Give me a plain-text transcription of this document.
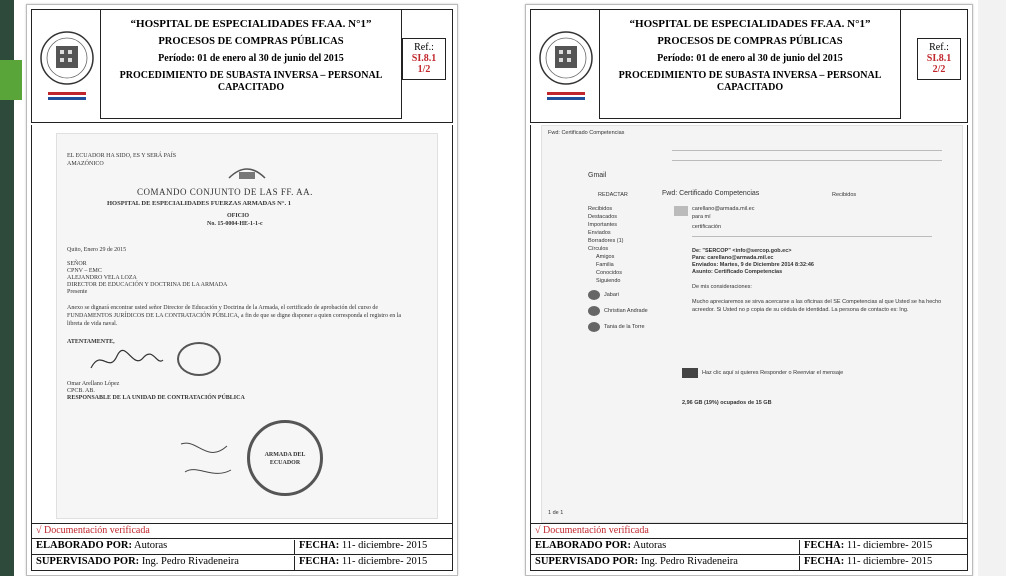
“HOSPITAL DE ESPECIALIDADES FF.AA. N°1”
PROCESOS DE COMPRAS PÚBLICAS
Período: 01 de enero al 30 de junio del 2015
PROCEDIMIENTO DE SUBASTA INVERSA – PERSONAL CAPACITADO
Ref.:
SI.8.1
1/2
EL ECUADOR HA SIDO, ES Y SERÁ PAÍS AMAZÓNICO
COMANDO CONJUNTO DE LAS FF. AA.
HOSPITAL DE ESPECIALIDADES FUERZAS ARMADAS N°. 1
OFICIO
No. 15-0004-HE-1-1-c
Quito, Enero 29 de 2015
SEÑOR
CPNV – EMC
ALEJANDRO VELA LOZA
DIRECTOR DE EDUCACIÓN Y DOCTRINA DE LA ARMADA
Presente
Anexo se dignará encontrar usted señor Director de Educación y Doctrina de la Armada, el certificado de aprobación del curso de FUNDAMENTOS JURÍDICOS DE LA CONTRATACIÓN PÚBLICA, a fin de que se digne disponer a quien corresponda el registro en la libreta de vida naval.
ATENTAMENTE,
Omar Arellano López
CPCB. AB.
RESPONSABLE DE LA UNIDAD DE CONTRATACIÓN PÚBLICA
ARMADA DEL ECUADOR
√ Documentación verificada
ELABORADO POR: Autoras	FECHA: 11- diciembre- 2015
SUPERVISADO POR: Ing. Pedro Rivadeneira	FECHA: 11- diciembre- 2015
“HOSPITAL DE ESPECIALIDADES FF.AA. N°1”
PROCESOS DE COMPRAS PÚBLICAS
Período: 01 de enero al 30 de junio del 2015
PROCEDIMIENTO DE SUBASTA INVERSA – PERSONAL CAPACITADO
Ref.:
SI.8.1
2/2
Fwd: Certificado Competencias
Gmail
REDACTAR	Fwd: Certificado Competencias	Recibidos
Recibidos
Destacados
Importantes
Enviados
Borradores (1)
Círculos
Amigos
Familia
Conocidos
Siguiendo
carellano@armada.mil.ec
para mí
certificación
De: "SERCOP" <info@sercop.gob.ec>
Para: carellano@armada.mil.ec
Enviados: Martes, 9 de Diciembre 2014 8:32:46
Asunto: Certificado Competencias
De mis consideraciones:
Mucho apreciaremos se sirva acercarse a las oficinas del SE Competencias al que Usted se ha hecho acreedor. Si Usted no p copia de su cédula de identidad. La persona de contacto es: Ing.
Jabari
Christian Andrade
Tania de la Torre
Haz clic aquí si quieres Responder o Reenviar el mensaje
2,96 GB (19%) ocupados de 15 GB
1 de 1
√ Documentación verificada
ELABORADO POR: Autoras	FECHA: 11- diciembre- 2015
SUPERVISADO POR: Ing. Pedro Rivadeneira	FECHA: 11- diciembre- 2015
